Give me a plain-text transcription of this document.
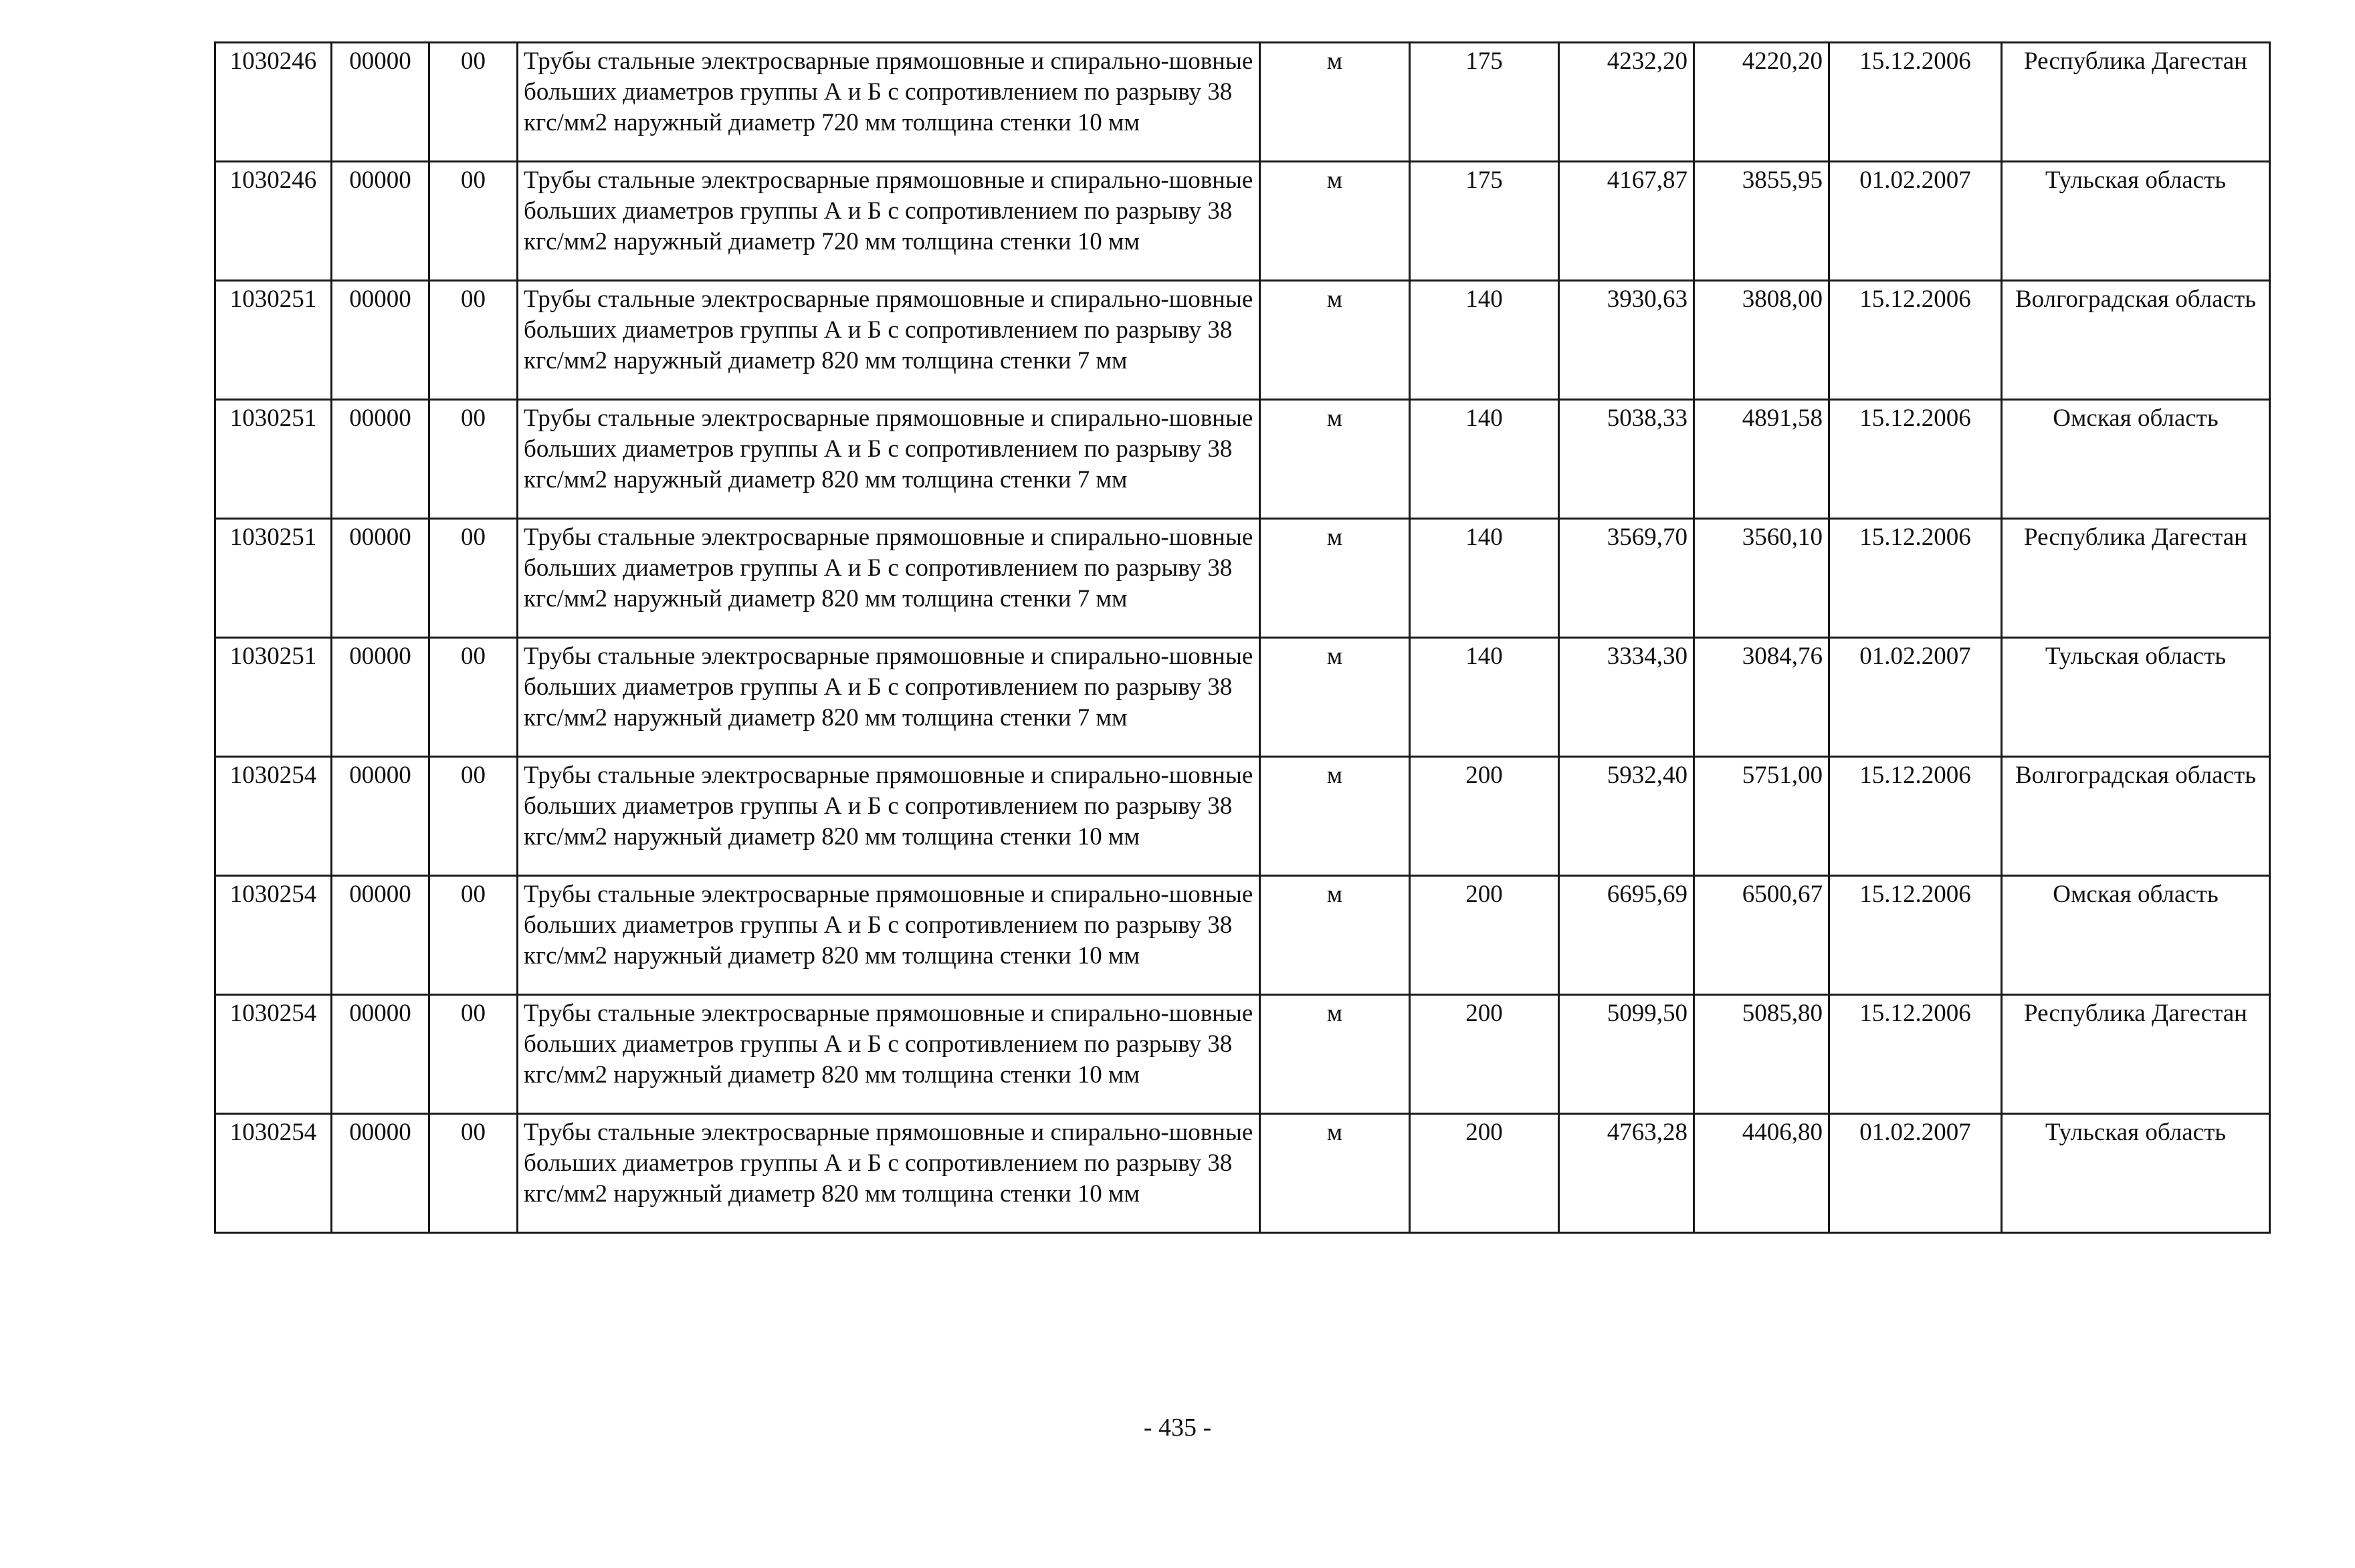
1030246	00000	00	Трубы стальные электросварные прямошовные и спирально-шовные больших диаметров группы А и Б с сопротивлением по разрыву 38 кгс/мм2 наружный диаметр 720 мм толщина стенки 10 мм	м	175	4232,20	4220,20	15.12.2006	Республика Дагестан
1030246	00000	00	Трубы стальные электросварные прямошовные и спирально-шовные больших диаметров группы А и Б с сопротивлением по разрыву 38 кгс/мм2 наружный диаметр 720 мм толщина стенки 10 мм	м	175	4167,87	3855,95	01.02.2007	Тульская область
1030251	00000	00	Трубы стальные электросварные прямошовные и спирально-шовные больших диаметров группы А и Б с сопротивлением по разрыву 38 кгс/мм2 наружный диаметр 820 мм толщина стенки 7 мм	м	140	3930,63	3808,00	15.12.2006	Волгоградская область
1030251	00000	00	Трубы стальные электросварные прямошовные и спирально-шовные больших диаметров группы А и Б с сопротивлением по разрыву 38 кгс/мм2 наружный диаметр 820 мм толщина стенки 7 мм	м	140	5038,33	4891,58	15.12.2006	Омская область
1030251	00000	00	Трубы стальные электросварные прямошовные и спирально-шовные больших диаметров группы А и Б с сопротивлением по разрыву 38 кгс/мм2 наружный диаметр 820 мм толщина стенки 7 мм	м	140	3569,70	3560,10	15.12.2006	Республика Дагестан
1030251	00000	00	Трубы стальные электросварные прямошовные и спирально-шовные больших диаметров группы А и Б с сопротивлением по разрыву 38 кгс/мм2 наружный диаметр 820 мм толщина стенки 7 мм	м	140	3334,30	3084,76	01.02.2007	Тульская область
1030254	00000	00	Трубы стальные электросварные прямошовные и спирально-шовные больших диаметров группы А и Б с сопротивлением по разрыву 38 кгс/мм2 наружный диаметр 820 мм толщина стенки 10 мм	м	200	5932,40	5751,00	15.12.2006	Волгоградская область
1030254	00000	00	Трубы стальные электросварные прямошовные и спирально-шовные больших диаметров группы А и Б с сопротивлением по разрыву 38 кгс/мм2 наружный диаметр 820 мм толщина стенки 10 мм	м	200	6695,69	6500,67	15.12.2006	Омская область
1030254	00000	00	Трубы стальные электросварные прямошовные и спирально-шовные больших диаметров группы А и Б с сопротивлением по разрыву 38 кгс/мм2 наружный диаметр 820 мм толщина стенки 10 мм	м	200	5099,50	5085,80	15.12.2006	Республика Дагестан
1030254	00000	00	Трубы стальные электросварные прямошовные и спирально-шовные больших диаметров группы А и Б с сопротивлением по разрыву 38 кгс/мм2 наружный диаметр 820 мм толщина стенки 10 мм	м	200	4763,28	4406,80	01.02.2007	Тульская область
- 435 -
